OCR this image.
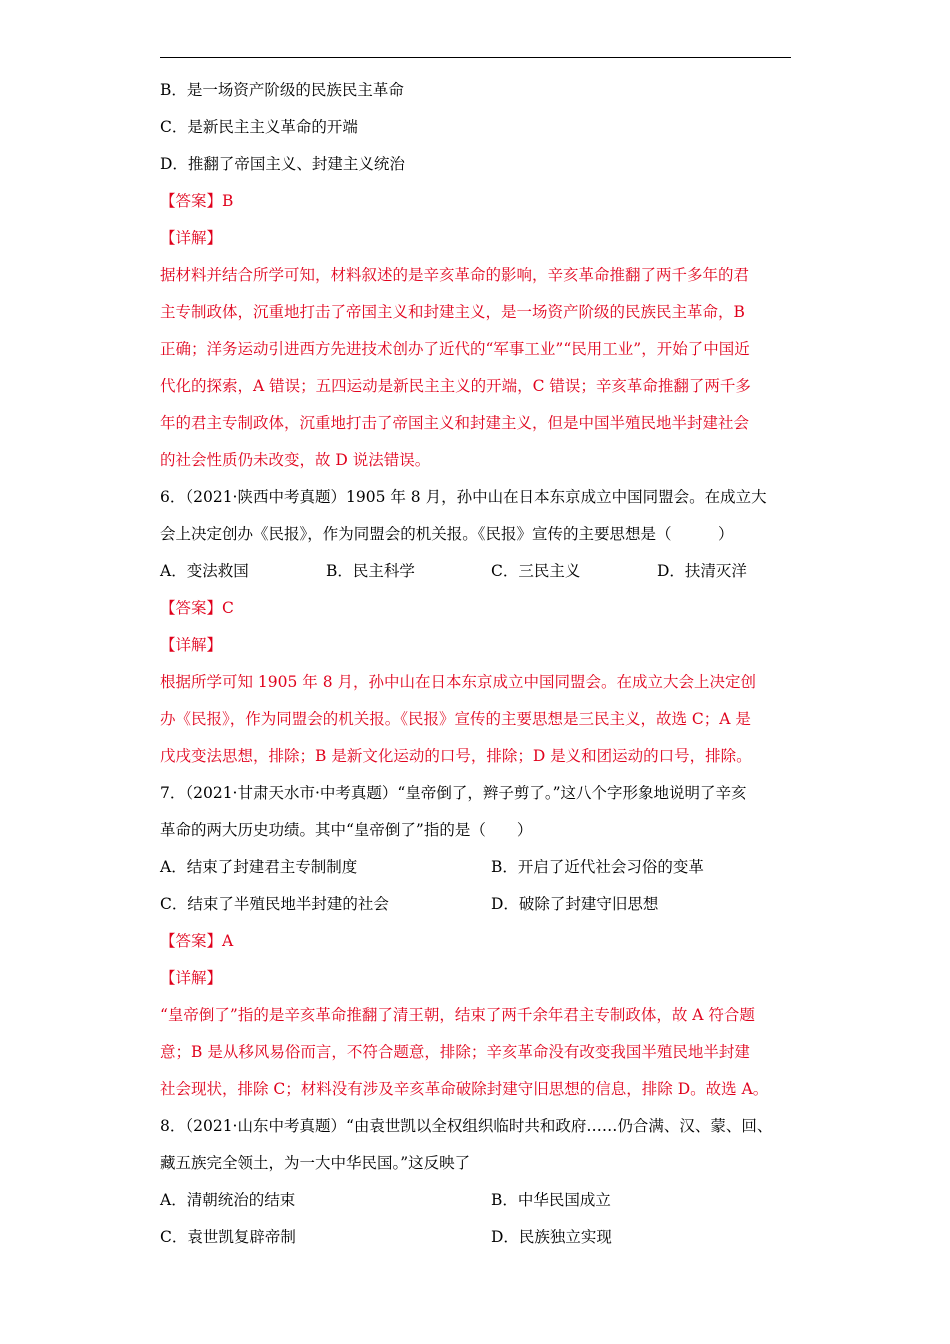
B．是一场资产阶级的民族民主革命
C．是新民主主义革命的开端
D．推翻了帝国主义、封建主义统治
【答案】B
【详解】
据材料并结合所学可知，材料叙述的是辛亥革命的影响，辛亥革命推翻了两千多年的君
主专制政体，沉重地打击了帝国主义和封建主义，是一场资产阶级的民族民主革命，B
正确；洋务运动引进西方先进技术创办了近代的“军事工业”“民用工业”，开始了中国近
代化的探索，A 错误；五四运动是新民主主义的开端，C 错误；辛亥革命推翻了两千多
年的君主专制政体，沉重地打击了帝国主义和封建主义，但是中国半殖民地半封建社会
的社会性质仍未改变，故 D 说法错误。
6．（2021·陕西中考真题）1905 年 8 月，孙中山在日本东京成立中国同盟会。在成立大
会上决定创办《民报》，作为同盟会的机关报。《民报》宣传的主要思想是（　　　）
A．变法救国	B．民主科学	C．三民主义	D．扶清灭洋
【答案】C
【详解】
根据所学可知 1905 年 8 月，孙中山在日本东京成立中国同盟会。在成立大会上决定创
办《民报》，作为同盟会的机关报。《民报》宣传的主要思想是三民主义，故选 C；A 是
戊戌变法思想，排除；B 是新文化运动的口号，排除；D 是义和团运动的口号，排除。
7．（2021·甘肃天水市·中考真题）“皇帝倒了，辫子剪了。”这八个字形象地说明了辛亥
革命的两大历史功绩。其中“皇帝倒了”指的是（　　）
A．结束了封建君主专制制度	B．开启了近代社会习俗的变革
C．结束了半殖民地半封建的社会	D．破除了封建守旧思想
【答案】A
【详解】
“皇帝倒了”指的是辛亥革命推翻了清王朝，结束了两千余年君主专制政体，故 A 符合题
意；B 是从移风易俗而言，不符合题意，排除；辛亥革命没有改变我国半殖民地半封建
社会现状，排除 C；材料没有涉及辛亥革命破除封建守旧思想的信息，排除 D。故选 A。
8．（2021·山东中考真题）“由袁世凯以全权组织临时共和政府……仍合满、汉、蒙、回、
藏五族完全领土，为一大中华民国。”这反映了
A．清朝统治的结束	B．中华民国成立
C．袁世凯复辟帝制	D．民族独立实现
